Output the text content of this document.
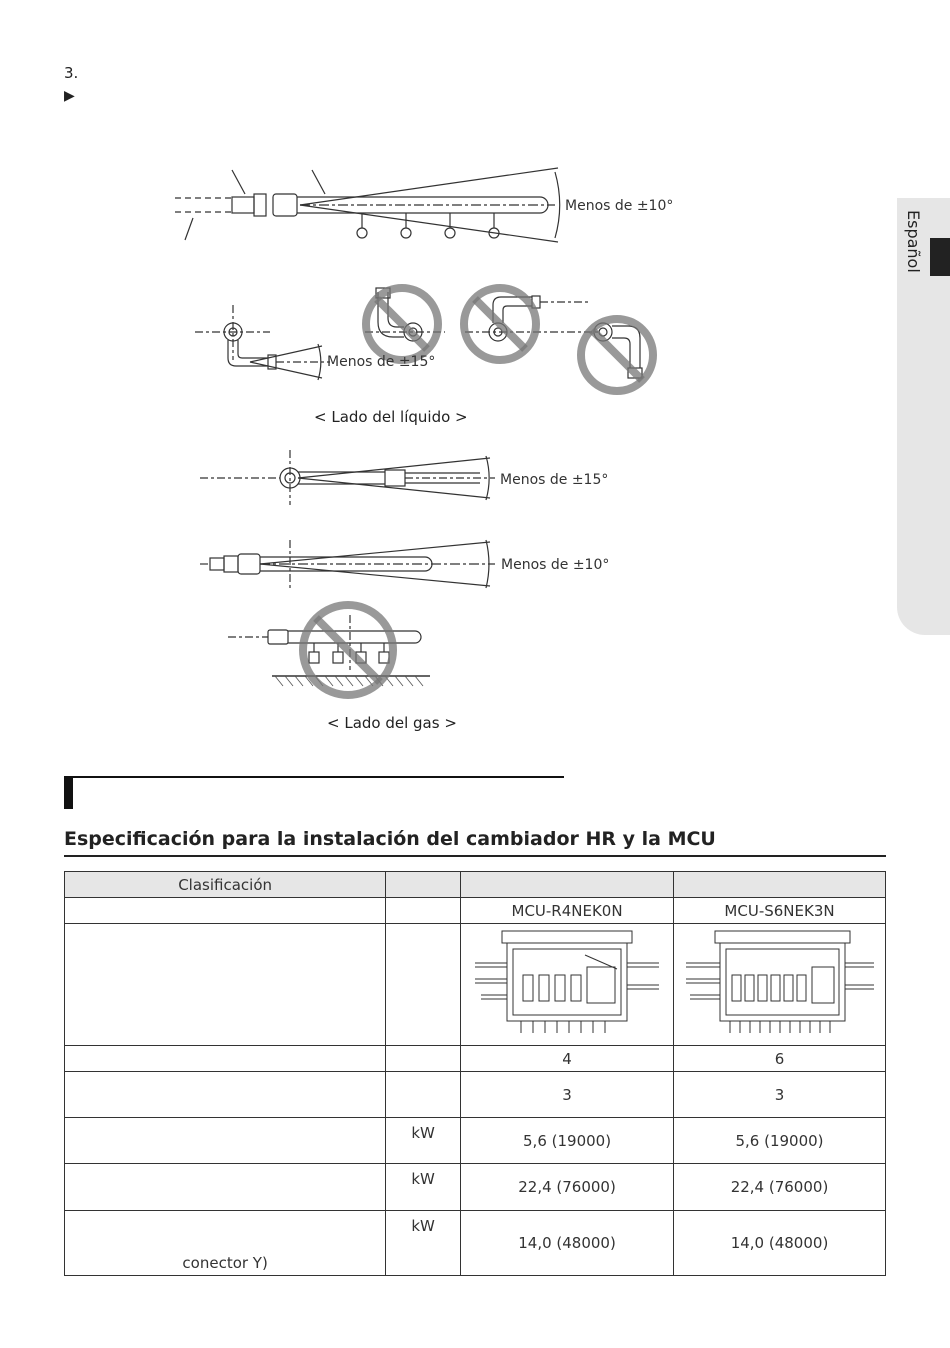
3.
▶
Español
Menos de ±10°
Menos de ±15°
Menos de ±15°
Menos de ±10°
< Lado del líquido >
< Lado del gas >
Especificación para la instalación del cambiador HR y la MCU
Clasificación			
		MCU-R4NEK0N	MCU-S6NEK3N

		4	6
		3	3
	kW	5,6 (19000)	5,6 (19000)
	kW	22,4 (76000)	22,4 (76000)
conector Y)	kW	14,0 (48000)	14,0 (48000)
